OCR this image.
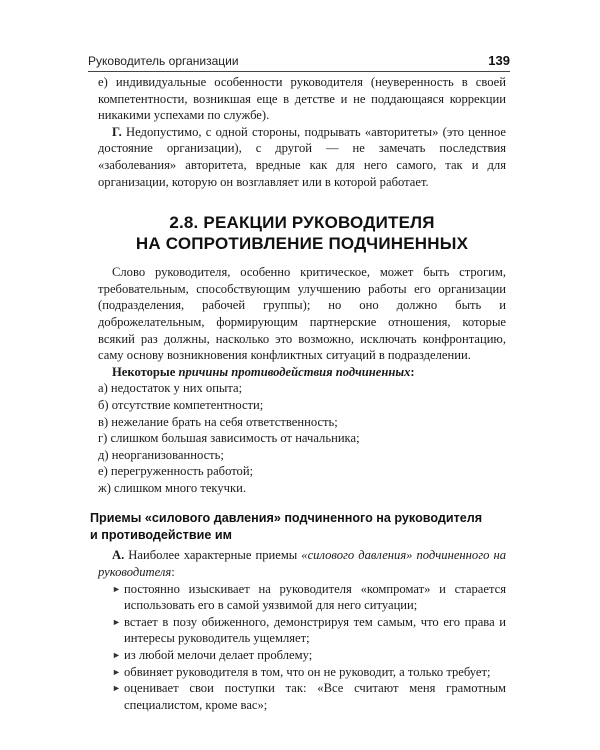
Руководитель организации	139

е) индивидуальные особенности руководителя (неуверенность в своей компетентности, возникшая еще в детстве и не поддающаяся коррекции никакими успехами по службе).

Г. Недопустимо, с одной стороны, подрывать «авторитеты» (это ценное достояние организации), с другой — не замечать последствия «заболевания» авторитета, вредные как для него самого, так и для организации, которую он возглавляет или в которой работает.

2.8. РЕАКЦИИ РУКОВОДИТЕЛЯ
НА СОПРОТИВЛЕНИЕ ПОДЧИНЕННЫХ

Слово руководителя, особенно критическое, может быть строгим, требовательным, способствующим улучшению работы его организации (подразделения, рабочей группы); но оно должно быть и доброжелательным, формирующим партнерские отношения, которые всякий раз должны, насколько это возможно, исключать конфронтацию, саму основу возникновения конфликтных ситуаций в подразделении.

Некоторые причины противодействия подчиненных:

а) недостаток у них опыта;
б) отсутствие компетентности;
в) нежелание брать на себя ответственность;
г) слишком большая зависимость от начальника;
д) неорганизованность;
е) перегруженность работой;
ж) слишком много текучки.

Приемы «силового давления» подчиненного на руководителя
и противодействие им

А. Наиболее характерные приемы «силового давления» подчиненного на руководителя:

► постоянно изыскивает на руководителя «компромат» и старается использовать его в самой уязвимой для него ситуации;
► встает в позу обиженного, демонстрируя тем самым, что его права и интересы руководитель ущемляет;
► из любой мелочи делает проблему;
► обвиняет руководителя в том, что он не руководит, а только требует;
► оценивает свои поступки так: «Все считают меня грамотным специалистом, кроме вас»;
